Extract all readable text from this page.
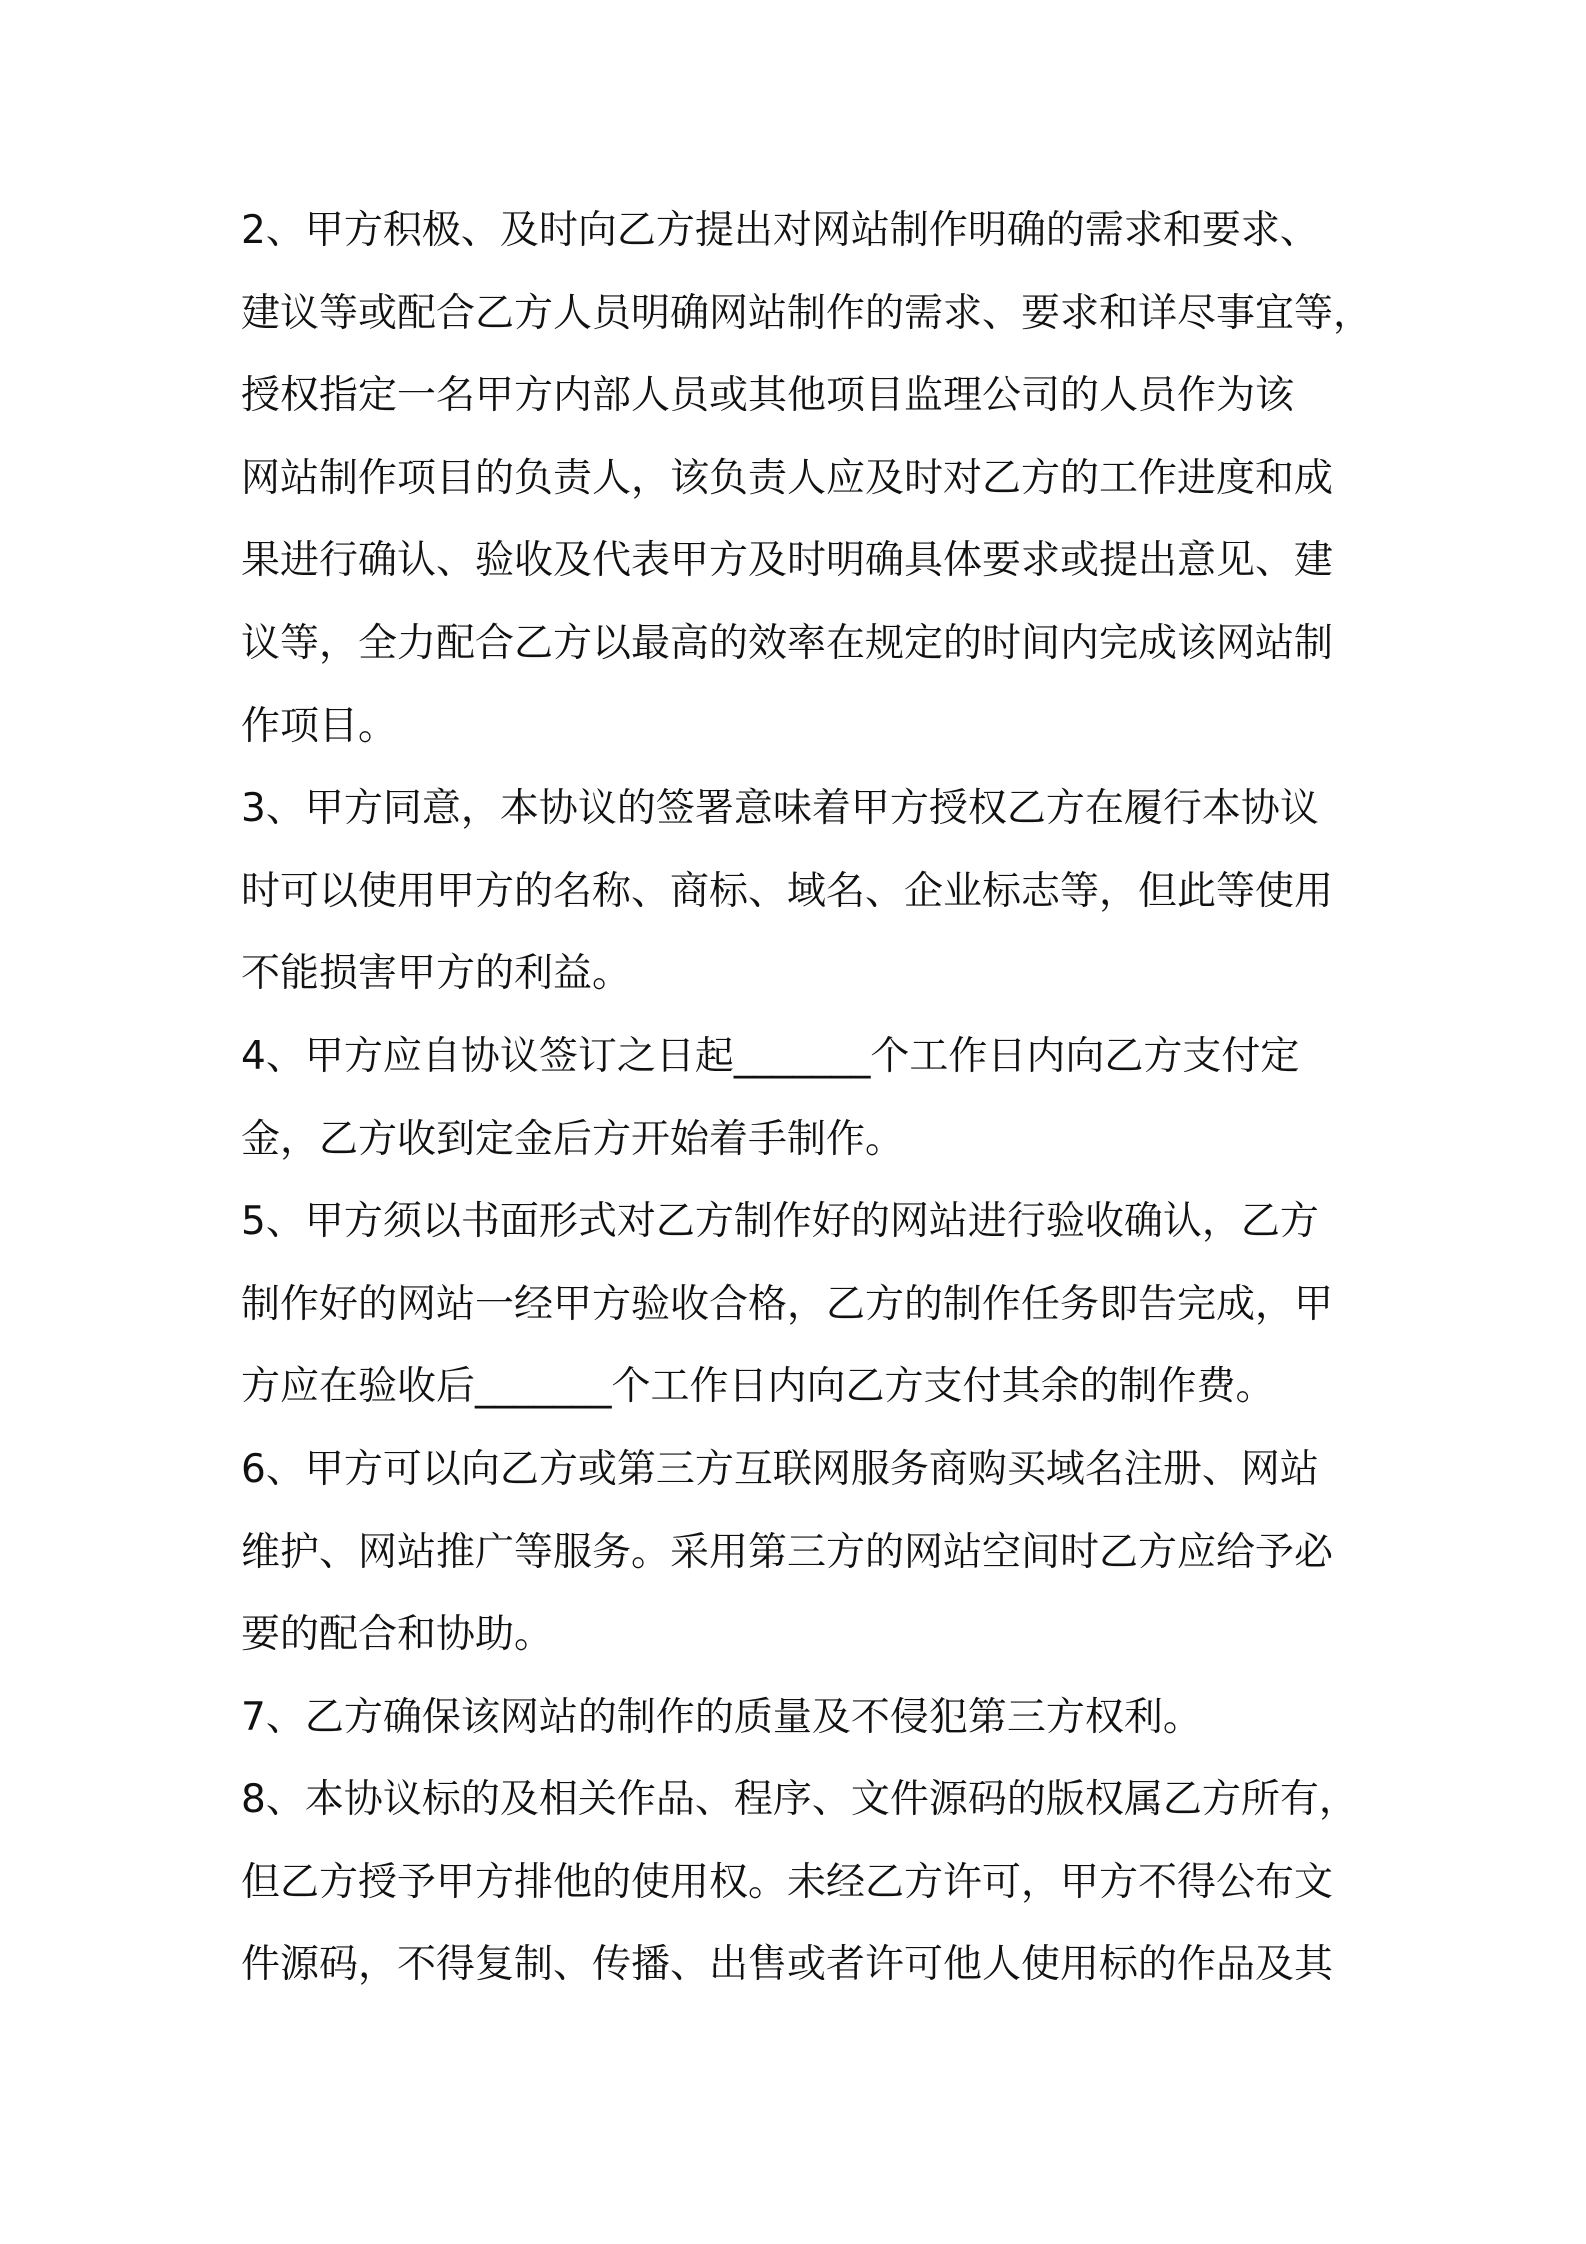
2、甲方积极、及时向乙方提出对网站制作明确的需求和要求、
建议等或配合乙方人员明确网站制作的需求、要求和详尽事宜等，
授权指定一名甲方内部人员或其他项目监理公司的人员作为该
网站制作项目的负责人，该负责人应及时对乙方的工作进度和成
果进行确认、验收及代表甲方及时明确具体要求或提出意见、建
议等，全力配合乙方以最高的效率在规定的时间内完成该网站制
作项目。
3、甲方同意，本协议的签署意味着甲方授权乙方在履行本协议
时可以使用甲方的名称、商标、域名、企业标志等，但此等使用
不能损害甲方的利益。
4、甲方应自协议签订之日起_______个工作日内向乙方支付定
金，乙方收到定金后方开始着手制作。
5、甲方须以书面形式对乙方制作好的网站进行验收确认，乙方
制作好的网站一经甲方验收合格，乙方的制作任务即告完成，甲
方应在验收后_______个工作日内向乙方支付其余的制作费。
6、甲方可以向乙方或第三方互联网服务商购买域名注册、网站
维护、网站推广等服务。采用第三方的网站空间时乙方应给予必
要的配合和协助。
7、乙方确保该网站的制作的质量及不侵犯第三方权利。
8、本协议标的及相关作品、程序、文件源码的版权属乙方所有，
但乙方授予甲方排他的使用权。未经乙方许可，甲方不得公布文
件源码，不得复制、传播、出售或者许可他人使用标的作品及其
